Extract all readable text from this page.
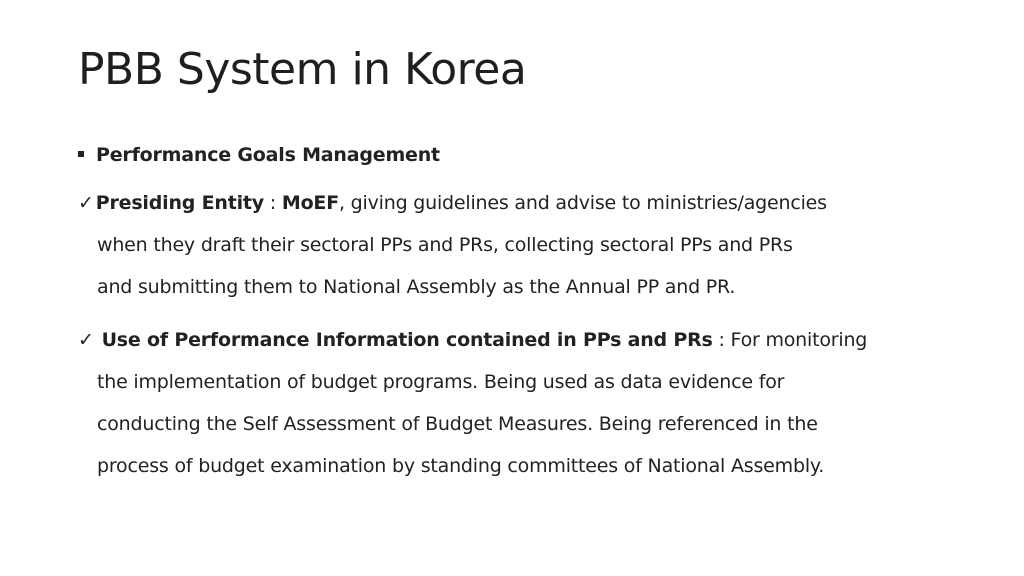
PBB System in Korea
Performance Goals Management
✓ Presiding Entity : MoEF, giving guidelines and advise to ministries/agencies
when they draft their sectoral PPs and PRs, collecting sectoral PPs and PRs
and submitting them to National Assembly as the Annual PP and PR.
✓ Use of Performance Information contained in PPs and PRs : For monitoring
the implementation of budget programs. Being used as data evidence for
conducting the Self Assessment of Budget Measures. Being referenced in the
process of budget examination by standing committees of National Assembly.
